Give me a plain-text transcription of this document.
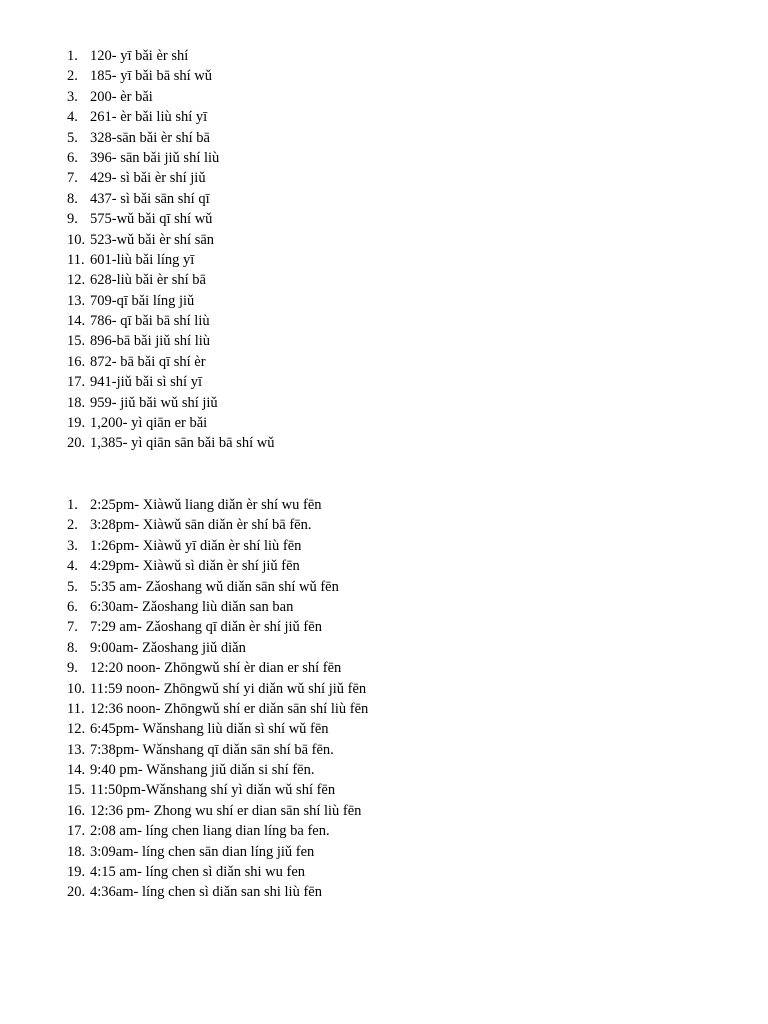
1. 120- yī bǎi èr shí
2. 185- yī bǎi bā shí wǔ
3. 200- èr bǎi
4. 261- èr bǎi liù shí yī
5. 328-sān bǎi èr shí bā
6. 396- sān bǎi jiǔ shí liù
7. 429- sì bǎi èr shí jiǔ
8. 437- sì bǎi sān shí qī
9. 575-wǔ bǎi qī shí wǔ
10. 523-wǔ bǎi èr shí sān
11. 601-liù bǎi líng yī
12. 628-liù bǎi èr shí bā
13. 709-qī bǎi líng jiǔ
14. 786- qī bǎi bā shí liù
15. 896-bā bǎi jiǔ shí liù
16. 872- bā bǎi qī shí èr
17. 941-jiǔ bǎi sì shí yī
18. 959- jiǔ bǎi wǔ shí jiǔ
19. 1,200- yì qiān er bǎi
20. 1,385- yì qiān sān bǎi bā shí wǔ
1. 2:25pm- Xiàwǔ liang diǎn èr shí wu fēn
2. 3:28pm- Xiàwǔ sān diǎn èr shí bā fēn.
3. 1:26pm- Xiàwǔ yī diǎn èr shí liù fēn
4. 4:29pm- Xiàwǔ sì diǎn èr shí jiǔ fēn
5. 5:35 am- Zǎoshang wǔ diǎn sān shí wǔ fēn
6. 6:30am- Zǎoshang liù diǎn san ban
7. 7:29 am- Zǎoshang qī diǎn èr shí jiǔ fēn
8. 9:00am- Zǎoshang jiǔ diǎn
9. 12:20 noon- Zhōngwǔ shí èr dian er shí fēn
10. 11:59 noon- Zhōngwǔ shí yi diǎn wǔ shí jiǔ fēn
11. 12:36 noon- Zhōngwǔ shí er diǎn sān shí liù fēn
12. 6:45pm- Wǎnshang liù diǎn sì shí wǔ fēn
13. 7:38pm- Wǎnshang qī diǎn sān shí bā fēn.
14. 9:40 pm- Wǎnshang jiǔ diǎn si shí fēn.
15. 11:50pm-Wǎnshang shí yì diǎn wǔ shí fēn
16. 12:36 pm- Zhong wu shí er dian sān shí liù fēn
17. 2:08 am- líng chen liang dian líng ba fen.
18. 3:09am- líng chen sān dian líng jiǔ fen
19. 4:15 am- líng chen sì diǎn shi wu fen
20. 4:36am- líng chen sì diǎn san shi liù fēn
